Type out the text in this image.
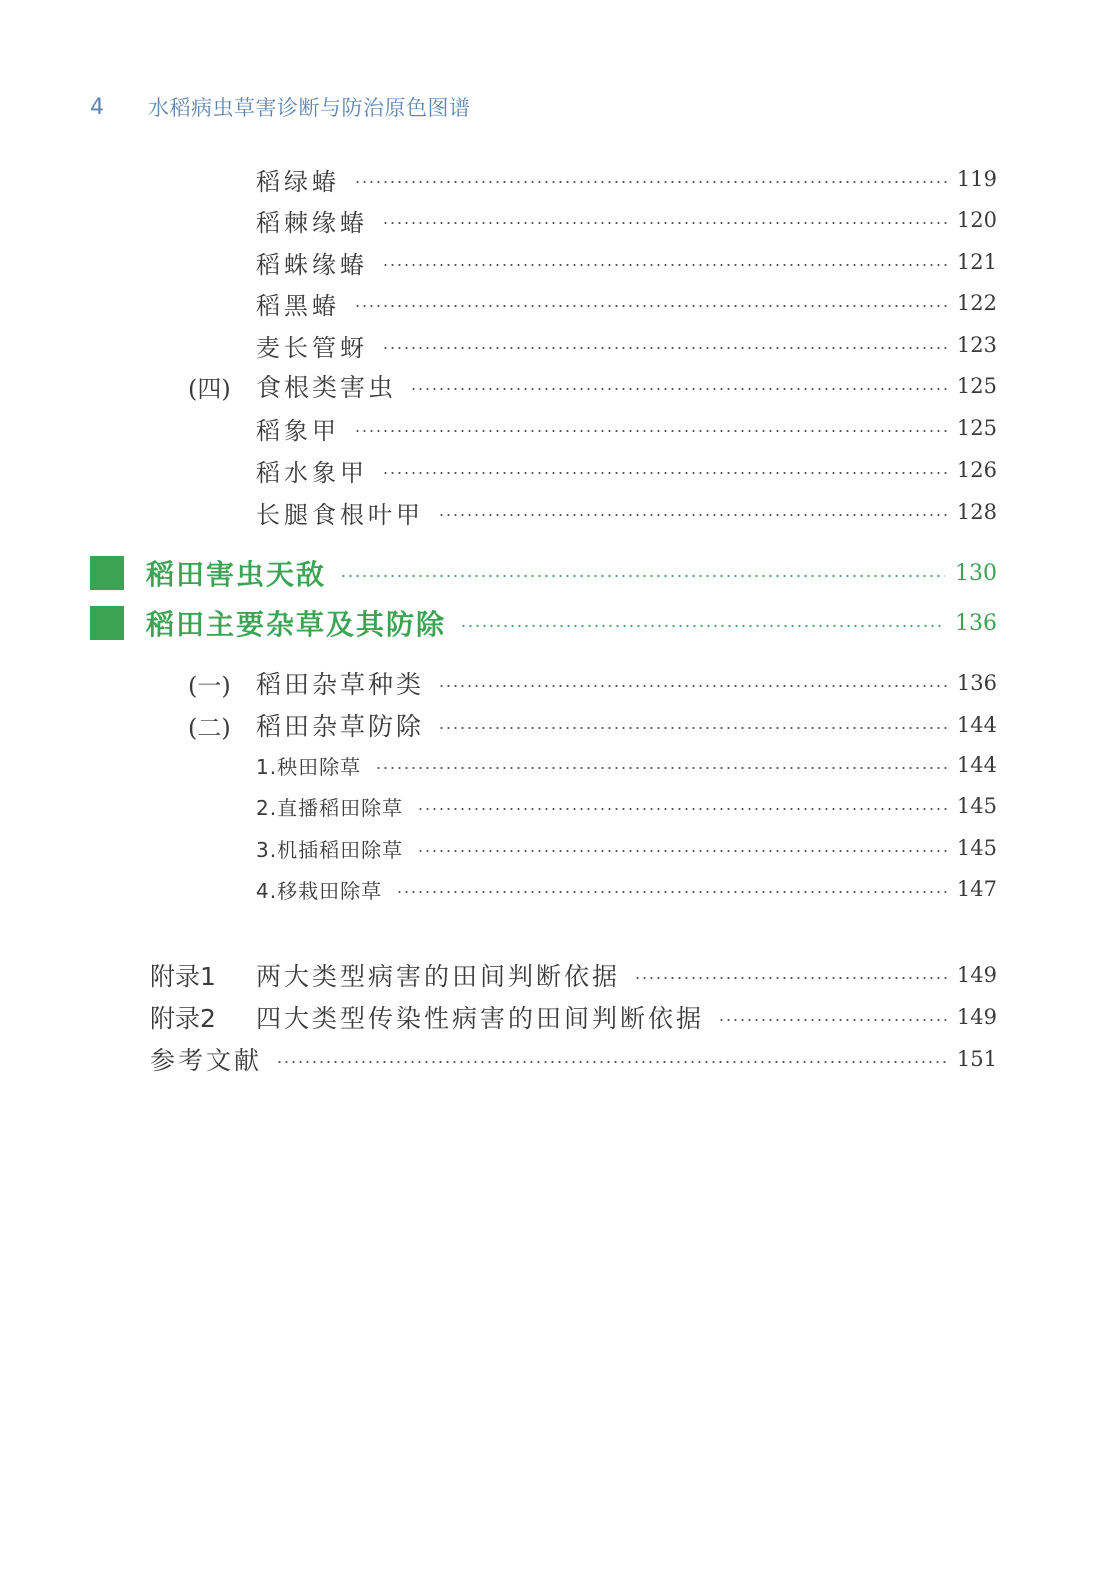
4	水稻病虫草害诊断与防治原色图谱
稻绿蝽	119
稻棘缘蝽	120
稻蛛缘蝽	121
稻黑蝽	122
麦长管蚜	123
(四)	食根类害虫	125
稻象甲	125
稻水象甲	126
长腿食根叶甲	128
稻田害虫天敌	130
稻田主要杂草及其防除	136
(一)	稻田杂草种类	136
(二)	稻田杂草防除	144
1.秧田除草	144
2.直播稻田除草	145
3.机插稻田除草	145
4.移栽田除草	147
附录1	两大类型病害的田间判断依据	149
附录2	四大类型传染性病害的田间判断依据	149
参考文献	151
